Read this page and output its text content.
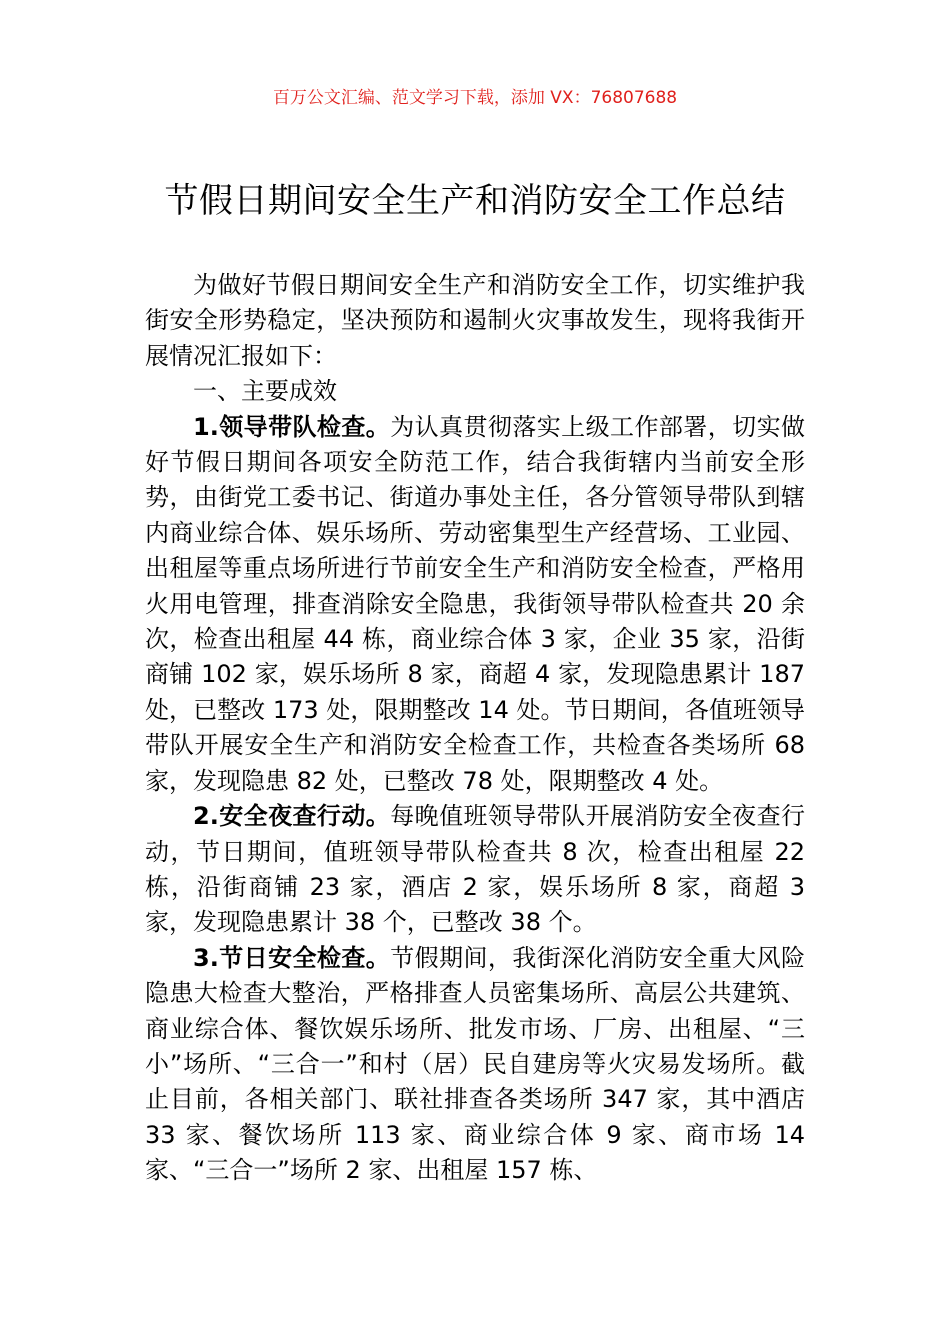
百万公文汇编、范文学习下载，添加 VX：76807688
节假日期间安全生产和消防安全工作总结

为做好节假日期间安全生产和消防安全工作，切实维护我街安全形势稳定，坚决预防和遏制火灾事故发生，现将我街开展情况汇报如下：

一、主要成效

1.领导带队检查。为认真贯彻落实上级工作部署，切实做好节假日期间各项安全防范工作，结合我街辖内当前安全形势，由街党工委书记、街道办事处主任，各分管领导带队到辖内商业综合体、娱乐场所、劳动密集型生产经营场、工业园、出租屋等重点场所进行节前安全生产和消防安全检查，严格用火用电管理，排查消除安全隐患，我街领导带队检查共 20 余次，检查出租屋 44 栋，商业综合体 3 家，企业 35 家，沿街商铺 102 家，娱乐场所 8 家，商超 4 家，发现隐患累计 187 处，已整改 173 处，限期整改 14 处。节日期间，各值班领导带队开展安全生产和消防安全检查工作，共检查各类场所 68 家，发现隐患 82 处，已整改 78 处，限期整改 4 处。

2.安全夜查行动。每晚值班领导带队开展消防安全夜查行动，节日期间，值班领导带队检查共 8 次，检查出租屋 22 栋，沿街商铺 23 家，酒店 2 家，娱乐场所 8 家，商超 3 家，发现隐患累计 38 个，已整改 38 个。

3.节日安全检查。节假期间，我街深化消防安全重大风险隐患大检查大整治，严格排查人员密集场所、高层公共建筑、商业综合体、餐饮娱乐场所、批发市场、厂房、出租屋、“三小”场所、“三合一”和村（居）民自建房等火灾易发场所。截止目前，各相关部门、联社排查各类场所 347 家，其中酒店 33 家、餐饮场所 113 家、商业综合体 9 家、商市场 14 家、“三合一”场所 2 家、出租屋 157 栋、
